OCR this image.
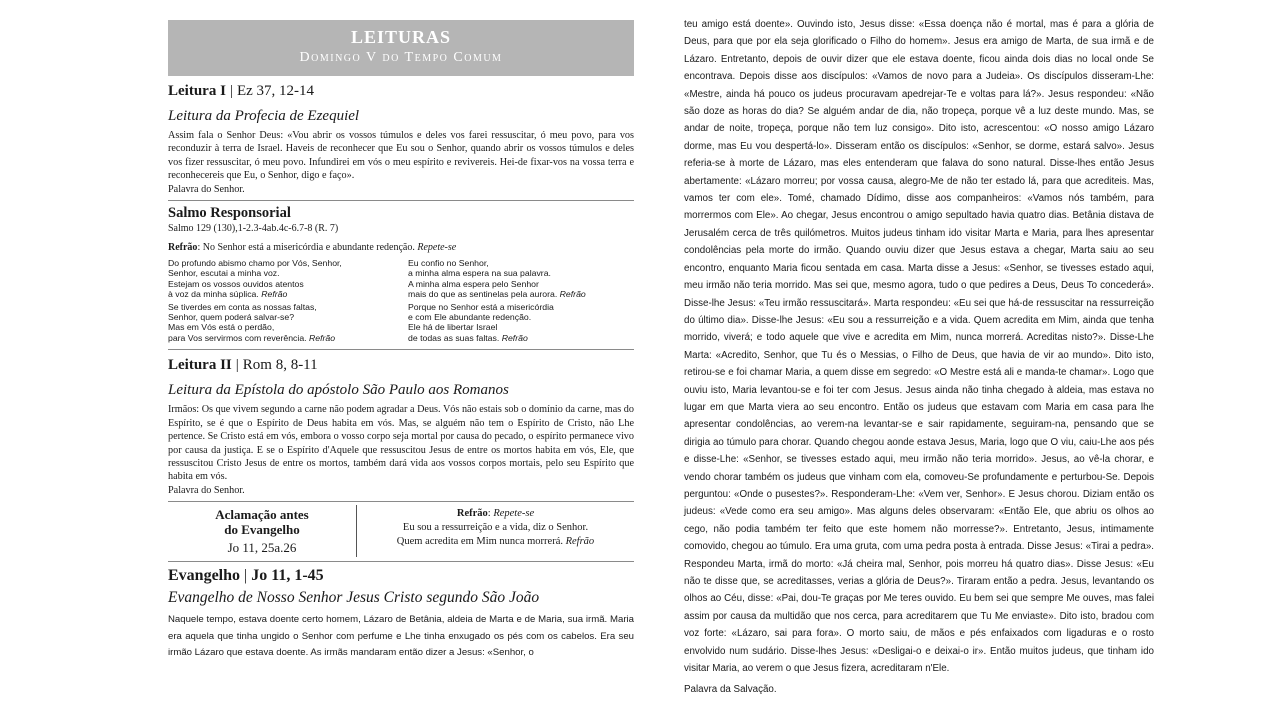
LEITURAS
Domingo V do Tempo Comum
Leitura I | Ez 37, 12-14
Leitura da Profecia de Ezequiel
Assim fala o Senhor Deus: «Vou abrir os vossos túmulos e deles vos farei ressuscitar, ó meu povo, para vos reconduzir à terra de Israel. Haveis de reconhecer que Eu sou o Senhor, quando abrir os vossos túmulos e deles vos fizer ressuscitar, ó meu povo. Infundirei em vós o meu espírito e revivereis. Hei-de fixar-vos na vossa terra e reconhecereis que Eu, o Senhor, digo e faço».
Palavra do Senhor.
Salmo Responsorial
Salmo 129 (130),1-2.3-4ab.4c-6.7-8 (R. 7)
Refrão: No Senhor está a misericórdia e abundante redenção. Repete-se
Do profundo abismo chamo por Vós, Senhor,
Senhor, escutai a minha voz.
Estejam os vossos ouvidos atentos
à voz da minha súplica. Refrão
Se tiverdes em conta as nossas faltas,
Senhor, quem poderá salvar-se?
Mas em Vós está o perdão,
para Vos servirmos com reverência. Refrão
Eu confio no Senhor,
a minha alma espera na sua palavra.
A minha alma espera pelo Senhor
mais do que as sentinelas pela aurora. Refrão
Porque no Senhor está a misericórdia
e com Ele abundante redenção.
Ele há de libertar Israel
de todas as suas faltas. Refrão
Leitura II | Rom 8, 8-11
Leitura da Epístola do apóstolo São Paulo aos Romanos
Irmãos: Os que vivem segundo a carne não podem agradar a Deus. Vós não estais sob o domínio da carne, mas do Espírito, se é que o Espírito de Deus habita em vós. Mas, se alguém não tem o Espírito de Cristo, não Lhe pertence. Se Cristo está em vós, embora o vosso corpo seja mortal por causa do pecado, o espírito permanece vivo por causa da justiça. E se o Espírito d'Aquele que ressuscitou Jesus de entre os mortos habita em vós, Ele, que ressuscitou Cristo Jesus de entre os mortos, também dará vida aos vossos corpos mortais, pelo seu Espírito que habita em vós.
Palavra do Senhor.
Aclamação antes
do Evangelho
Jo 11, 25a.26
Refrão: Repete-se
Eu sou a ressurreição e a vida, diz o Senhor.
Quem acredita em Mim nunca morrerá. Refrão
Evangelho | Jo 11, 1-45
Evangelho de Nosso Senhor Jesus Cristo segundo São João
Naquele tempo, estava doente certo homem, Lázaro de Betânia, aldeia de Marta e de Maria, sua irmã. Maria era aquela que tinha ungido o Senhor com perfume e Lhe tinha enxugado os pés com os cabelos. Era seu irmão Lázaro que estava doente. As irmãs mandaram então dizer a Jesus: «Senhor, o
teu amigo está doente». Ouvindo isto, Jesus disse: «Essa doença não é mortal, mas é para a glória de Deus, para que por ela seja glorificado o Filho do homem». Jesus era amigo de Marta, de sua irmã e de Lázaro. Entretanto, depois de ouvir dizer que ele estava doente, ficou ainda dois dias no local onde Se encontrava. Depois disse aos discípulos: «Vamos de novo para a Judeia». Os discípulos disseram-Lhe: «Mestre, ainda há pouco os judeus procuravam apedrejar-Te e voltas para lá?». Jesus respondeu: «Não são doze as horas do dia? Se alguém andar de dia, não tropeça, porque vê a luz deste mundo. Mas, se andar de noite, tropeça, porque não tem luz consigo». Dito isto, acrescentou: «O nosso amigo Lázaro dorme, mas Eu vou despertá-lo». Disseram então os discípulos: «Senhor, se dorme, estará salvo». Jesus referia-se à morte de Lázaro, mas eles entenderam que falava do sono natural. Disse-lhes então Jesus abertamente: «Lázaro morreu; por vossa causa, alegro-Me de não ter estado lá, para que acrediteis. Mas, vamos ter com ele». Tomé, chamado Dídimo, disse aos companheiros: «Vamos nós também, para morrermos com Ele». Ao chegar, Jesus encontrou o amigo sepultado havia quatro dias. Betânia distava de Jerusalém cerca de três quilómetros. Muitos judeus tinham ido visitar Marta e Maria, para lhes apresentar condolências pela morte do irmão. Quando ouviu dizer que Jesus estava a chegar, Marta saiu ao seu encontro, enquanto Maria ficou sentada em casa. Marta disse a Jesus: «Senhor, se tivesses estado aqui, meu irmão não teria morrido. Mas sei que, mesmo agora, tudo o que pedires a Deus, Deus To concederá». Disse-lhe Jesus: «Teu irmão ressuscitará». Marta respondeu: «Eu sei que há-de ressuscitar na ressurreição do último dia». Disse-lhe Jesus: «Eu sou a ressurreição e a vida. Quem acredita em Mim, ainda que tenha morrido, viverá; e todo aquele que vive e acredita em Mim, nunca morrerá. Acreditas nisto?». Disse-Lhe Marta: «Acredito, Senhor, que Tu és o Messias, o Filho de Deus, que havia de vir ao mundo». Dito isto, retirou-se e foi chamar Maria, a quem disse em segredo: «O Mestre está ali e manda-te chamar». Logo que ouviu isto, Maria levantou-se e foi ter com Jesus. Jesus ainda não tinha chegado à aldeia, mas estava no lugar em que Marta viera ao seu encontro. Então os judeus que estavam com Maria em casa para lhe apresentar condolências, ao verem-na levantar-se e sair rapidamente, seguiram-na, pensando que se dirigia ao túmulo para chorar. Quando chegou aonde estava Jesus, Maria, logo que O viu, caiu-Lhe aos pés e disse-Lhe: «Senhor, se tivesses estado aqui, meu irmão não teria morrido». Jesus, ao vê-la chorar, e vendo chorar também os judeus que vinham com ela, comoveu-Se profundamente e perturbou-Se. Depois perguntou: «Onde o pusestes?». Responderam-Lhe: «Vem ver, Senhor». E Jesus chorou. Diziam então os judeus: «Vede como era seu amigo». Mas alguns deles observaram: «Então Ele, que abriu os olhos ao cego, não podia também ter feito que este homem não morresse?». Entretanto, Jesus, intimamente comovido, chegou ao túmulo. Era uma gruta, com uma pedra posta à entrada. Disse Jesus: «Tirai a pedra». Respondeu Marta, irmã do morto: «Já cheira mal, Senhor, pois morreu há quatro dias». Disse Jesus: «Eu não te disse que, se acreditasses, verias a glória de Deus?». Tiraram então a pedra. Jesus, levantando os olhos ao Céu, disse: «Pai, dou-Te graças por Me teres ouvido. Eu bem sei que sempre Me ouves, mas falei assim por causa da multidão que nos cerca, para acreditarem que Tu Me enviaste». Dito isto, bradou com voz forte: «Lázaro, sai para fora». O morto saiu, de mãos e pés enfaixados com ligaduras e o rosto envolvido num sudário. Disse-lhes Jesus: «Desligai-o e deixai-o ir». Então muitos judeus, que tinham ido visitar Maria, ao verem o que Jesus fizera, acreditaram n'Ele.
Palavra da Salvação.
